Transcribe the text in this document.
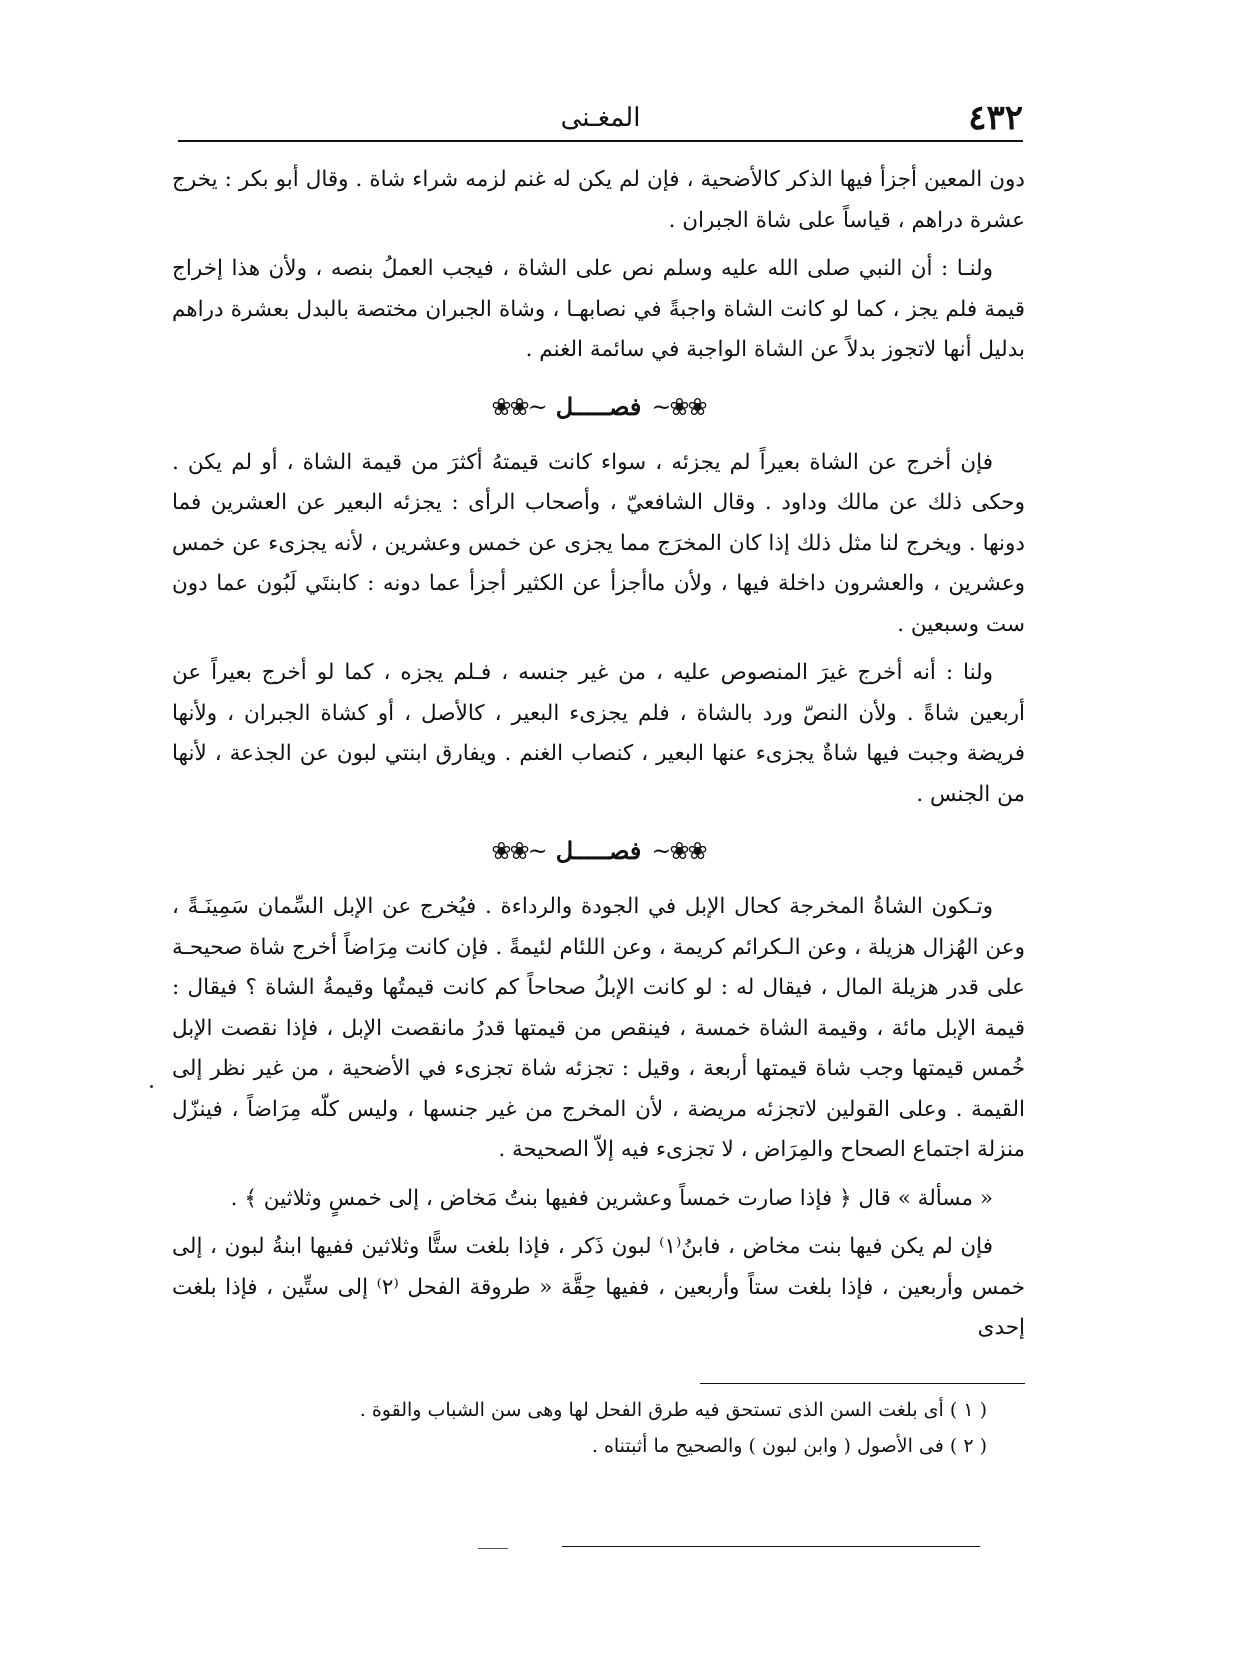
٤٣٢
المغـنى

دون المعين أجزأ فيها الذكر كالأضحية ، فإن لم يكن له غنم لزمه شراء شاة . وقال أبو بكر : يخرج عشرة دراهم ، قياساً على شاة الجبران .

ولنـا : أن النبي صلى الله عليه وسلم نص على الشاة ، فيجب العملُ بنصه ، ولأن هذا إخراج قيمة فلم يجز ، كما لو كانت الشاة واجبةً في نصابهـا ، وشاة الجبران مختصة بالبدل بعشرة دراهم بدليل أنها لاتجوز بدلاً عن الشاة الواجبة في سائمة الغنم .

❀❀~
فصـــــل
~❀❀

فإن أخرج عن الشاة بعيراً لم يجزئه ، سواء كانت قيمتهُ أكثرَ من قيمة الشاة ، أو لم يكن . وحكى ذلك عن مالك وداود . وقال الشافعيّ ، وأصحاب الرأى : يجزئه البعير عن العشرين فما دونها . ويخرج لنا مثل ذلك إذا كان المخرَج مما يجزى عن خمس وعشرين ، لأنه يجزىء عن خمس وعشرين ، والعشرون داخلة فيها ، ولأن ماأجزأ عن الكثير أجزأ عما دونه : كابنتَي لَبُون عما دون ست وسبعين .

ولنا : أنه أخرج غيرَ المنصوص عليه ، من غير جنسه ، فـلم يجزه ، كما لو أخرج بعيراً عن أربعين شاةً . ولأن النصّ ورد بالشاة ، فلم يجزىء البعير ، كالأصل ، أو كشاة الجبران ، ولأنها فريضة وجبت فيها شاةٌ يجزىء عنها البعير ، كنصاب الغنم . ويفارق ابنتي لبون عن الجذعة ، لأنها من الجنس .

❀❀~
فصـــــل
~❀❀

وتـكون الشاةُ المخرجة كحال الإبل في الجودة والرداءة . فيُخرج عن الإبل السِّمان سَمِينَـةً ، وعن الهُزال هزيلة ، وعن الـكرائم كريمة ، وعن اللئام لئيمةً . فإن كانت مِرَاضاً أخرج شاة صحيحـة على قدر هزيلة المال ، فيقال له : لو كانت الإبلُ صحاحاً كم كانت قيمتُها وقيمةُ الشاة ؟ فيقال : قيمة الإبل مائة ، وقيمة الشاة خمسة ، فينقص من قيمتها قدرُ مانقصت الإبل ، فإذا نقصت الإبل خُمس قيمتها وجب شاة قيمتها أربعة ، وقيل : تجزئه شاة تجزىء في الأضحية ، من غير نظر إلى القيمة . وعلى القولين لاتجزئه مريضة ، لأن المخرج من غير جنسها ، وليس كلّه مِرَاضاً ، فينزّل منزلة اجتماع الصحاح والمِرَاض ، لا تجزىء فيه إلاّ الصحيحة .

« مسألة » قال ﴿ فإذا صارت خمساً وعشرين ففيها بنتُ مَخاض ، إلى خمسٍ وثلاثين ﴾ .

فإن لم يكن فيها بنت مخاض ، فابنُ⁽١⁾ لبون ذَكر ، فإذا بلغت ستًّا وثلاثين ففيها ابنةُ لبون ، إلى خمس وأربعين ، فإذا بلغت ستاً وأربعين ، ففيها حِقَّة « طروقة الفحل ⁽٢⁾ إلى ستِّين ، فإذا بلغت إحدى

( ١ ) أى بلغت السن الذى تستحق فيه طرق الفحل لها وهى سن الشباب والقوة .

( ٢ ) فى الأصول ( وابن لبون ) والصحيح ما أثبتناه .
